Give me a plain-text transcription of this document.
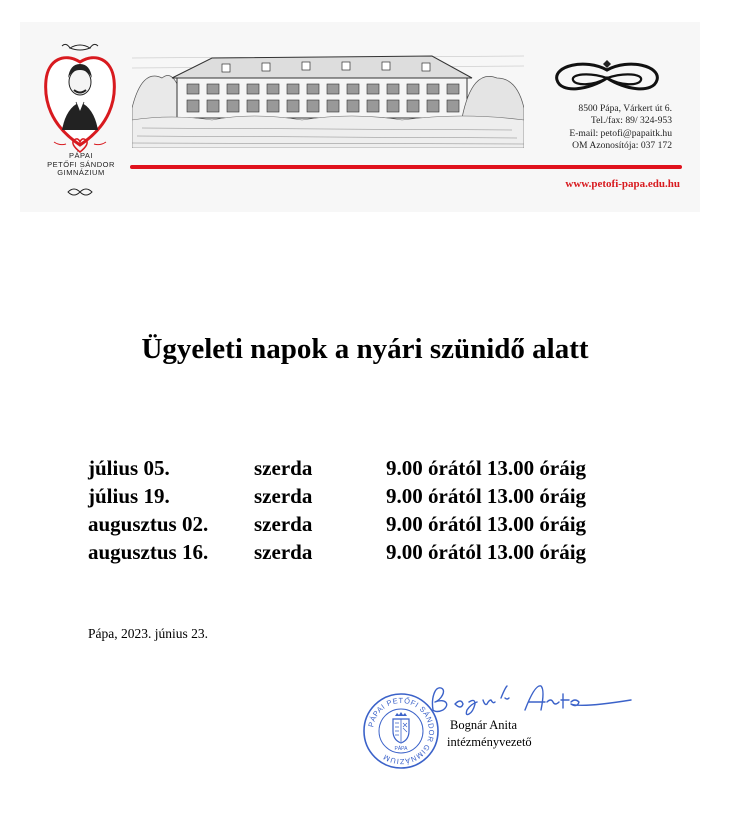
PÁPAI
PETŐFI SÁNDOR
GIMNÁZIUM
8500 Pápa, Várkert út 6.
Tel./fax: 89/ 324-953
E-mail: petofi@papaitk.hu
OM Azonosítója: 037 172
www.petofi-papa.edu.hu
Ügyeleti napok a nyári szünidő alatt
július 05.	szerda	9.00 órától 13.00 óráig
július 19.	szerda	9.00 órától 13.00 óráig
augusztus 02. szerda	9.00 órától 13.00 óráig
augusztus 16. szerda	9.00 órától 13.00 óráig
Pápa, 2023. június 23.
PÁPAI PETŐFI SÁNDOR GIMNÁZIUM
PÁPA
Bognár Anita
intézményvezető
